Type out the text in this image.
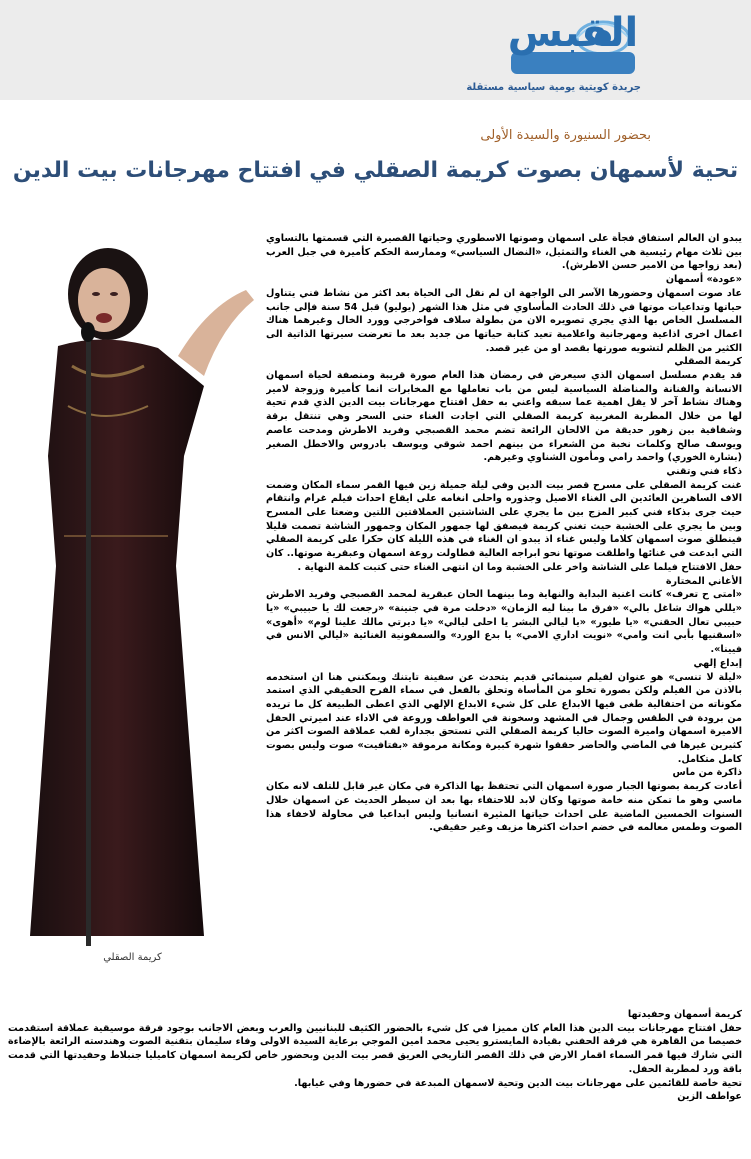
القبس
جريدة كويتية يومية سياسية مستقلة
بحضور السنيورة والسيدة الأولى
تحية لأسمهان بصوت كريمة الصقلي في افتتاح مهرجانات بيت الدين
كريمة الصقلي

يبدو ان العالم استفاق فجأة على اسمهان وصوتها الاسطوري وحياتها القصيرة التي قسمتها بالتساوي بين ثلاث مهام رئيسية هي الغناء والتمثيل، «النضال السياسي» وممارسة الحكم كأميرة في جبل العرب (بعد زواجها من الامير حسن الاطرش).

«عودة» أسمهان

عاد صوت اسمهان وحضورها الآسر الى الواجهة ان لم نقل الى الحياة بعد اكثر من نشاط فني يتناول حياتها وتداعيات موتها في ذلك الحادث المأساوي في مثل هذا الشهر (يوليو) قبل 54 سنة فإلى جانب المسلسل الخاص بها الذي يجري تصويره الان من بطولة سلاف فواخرجي وورد الخال وغيرهما هناك اعمال اخرى اذاعية ومهرجانية واعلامية تعيد كتابة حياتها من جديد بعد ما تعرضت سيرتها الذاتية الى الكثير من الظلم لتشويه صورتها بقصد او من غير قصد.

كريمة الصقلي

قد يقدم مسلسل اسمهان الذي سيعرض في رمضان هذا العام صورة قريبة ومنصفة لحياة اسمهان الانسانة والفنانة والمناضلة السياسية ليس من باب تعاملها مع المخابرات انما كأميرة وزوجة لامير وهناك نشاط آخر لا يقل اهمية عما سبقه واعني به حفل افتتاح مهرجانات بيت الدين الذي قدم تحية لها من خلال المطربة المغربية كريمة الصقلي التي اجادت الغناء حتى السحر وهي تنتقل برقة وشفافية بين زهور حديقة من الالحان الرائعة تضم محمد القصبجي وفريد الاطرش ومدحت عاصم ويوسف صالح وكلمات نخبة من الشعراء من بينهم احمد شوقي ويوسف بادروس والاخطل الصغير (بشارة الخوري) واحمد رامي ومأمون الشناوي وغيرهم.

ذكاء فني وتقني

غنت كريمة الصقلي على مسرح قصر بيت الدين وفي ليلة جميلة زين فيها القمر سماء المكان وضمت الاف الساهرين العائدين الى الغناء الاصيل وجذوره واحلى انغامه على ايقاع احداث فيلم غرام وانتقام حيث جرى بذكاء فني كبير المزج بين ما يجري على الشاشتين العملاقتين اللتين وضعتا على المسرح وبين ما يجري على الخشبة حيث تغني كريمة فيصفق لها جمهور المكان وجمهور الشاشة تصمت قليلا فينطلق صوت اسمهان كلاما وليس غناء اذ يبدو ان الغناء في هذه الليلة كان حكرا على كريمة الصقلي التي ابدعت في غنائها واطلقت صوتها نحو ابراجه العالية فطاولت روعة اسمهان وعبقرية صوتها.. كان حفل الافتتاح فيلما على الشاشة واخر على الخشبة وما ان انتهى الغناء حتى كتبت كلمة النهاية .

الأغاني المختارة

«امتى ح تعرف» كانت اغنية البداية والنهاية وما بينهما الحان عبقرية لمحمد القصبجي وفريد الاطرش «يللي هواك شاغل بالي» «فرق ما بينا ليه الزمان» «دخلت مرة في جنينة» «رجعت لك يا حبيبي» «يا حبيبي تعال الحقني» «يا طيور» «يا ليالي البشر يا احلى ليالي» «يا ديرتي مالك علينا لوم» «أهوى» «اسقنيها بأبي انت وامي» «نويت اداري الامي» يا بدع الورد» والسمفونية الغنائية «ليالي الانس في فيينا».

إبداع إلهي

«ليلة لا تنسى» هو عنوان لفيلم سينمائي قديم يتحدث عن سفينة تايتنك ويمكنني هنا ان استخدمه بالاذن من الفيلم ولكن بصورة تخلو من المأساة وتحلق بالفعل في سماء الفرح الحقيقي الذي استمد مكوناته من احتفالية طغى فيها الابداع على كل شيء الابداع الإلهي الذي اعطى الطبيعة كل ما تريده من برودة في الطقس وجمال في المشهد وسخونة في العواطف وروعة في الاداء عند اميرتي الحفل الاميرة اسمهان واميرة الصوت حاليا كريمة الصقلي التي تستحق بجدارة لقب عملاقة الصوت اكثر من كثيرين غيرها في الماضي والحاضر حققوا شهرة كبيرة ومكانة مرموقة «بفتافيت» صوت وليس بصوت كامل متكامل.

ذاكرة من ماس

أعادت كريمة بصوتها الجبار صورة اسمهان التي تحتفظ بها الذاكرة في مكان غير قابل للتلف لانه مكان ماسي وهو ما تمكن منه خامة صوتها وكان لابد للاحتفاء بها بعد ان سيطر الحديث عن اسمهان خلال السنوات الخمسين الماضية على احداث حياتها المثيرة انسانيا وليس ابداعيا في محاولة لاخفاء هذا الصوت وطمس معالمه في خضم احداث اكثرها مزيف وغير حقيقي.

كريمة أسمهان وحفيدتها

حفل افتتاح مهرجانات بيت الدين هذا العام كان مميزا في كل شيء بالحضور الكثيف للبنانيين والعرب وبعض الاجانب بوجود فرقة موسيقية عملاقة استقدمت خصيصا من القاهرة هي فرقة الحفني بقيادة المايسترو يحيى محمد امين الموجي برعاية السيدة الاولى وفاء سليمان بتقنية الصوت وهندسته الرائعة بالإضاءة التي شارك فيها قمر السماء اقمار الارض في ذلك القصر التاريخي العريق قصر بيت الدين وبحضور خاص لكريمة اسمهان كاميليا جنبلاط وحفيدتها التي قدمت باقة ورد لمطربة الحفل.

تحية خاصة للقائمين على مهرجانات بيت الدين وتحية لاسمهان المبدعة في حضورها وفي غيابها.

عواطف الزين
